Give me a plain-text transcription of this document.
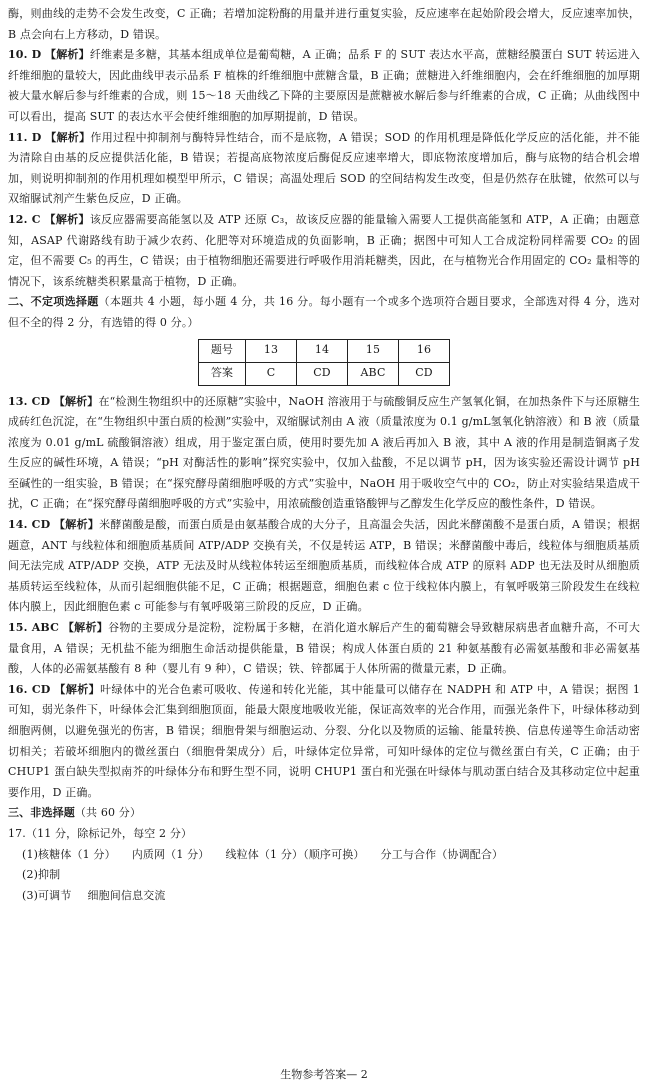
酶，则曲线的走势不会发生改变，C 正确；若增加淀粉酶的用量并进行重复实验，反应速率在起始阶段会增大，反应速率加快，B 点会向右上方移动，D 错误。

10. D 【解析】纤维素是多糖，其基本组成单位是葡萄糖，A 正确；品系 F 的 SUT 表达水平高，蔗糖经膜蛋白 SUT 转运进入纤维细胞的量较大，因此曲线甲表示品系 F 植株的纤维细胞中蔗糖含量，B 正确；蔗糖进入纤维细胞内，会在纤维细胞的加厚期被大量水解后参与纤维素的合成，则 15～18 天曲线乙下降的主要原因是蔗糖被水解后参与纤维素的合成，C 正确；从曲线图中可以看出，提高 SUT 的表达水平会使纤维细胞的加厚期提前，D 错误。

11. D 【解析】作用过程中抑制剂与酶特异性结合，而不是底物，A 错误；SOD 的作用机理是降低化学反应的活化能，并不能为清除自由基的反应提供活化能，B 错误；若提高底物浓度后酶促反应速率增大，即底物浓度增加后，酶与底物的结合机会增加，则说明抑制剂的作用机理如模型甲所示，C 错误；高温处理后 SOD 的空间结构发生改变，但是仍然存在肽键，依然可以与双缩脲试剂产生紫色反应，D 正确。

12. C 【解析】该反应器需要高能氢以及 ATP 还原 C₃，故该反应器的能量输入需要人工提供高能氢和 ATP，A 正确；由题意知，ASAP 代谢路线有助于减少农药、化肥等对环境造成的负面影响，B 正确；据图中可知人工合成淀粉同样需要 CO₂ 的固定，但不需要 C₅ 的再生，C 错误；由于植物细胞还需要进行呼吸作用消耗糖类，因此，在与植物光合作用固定的 CO₂ 量相等的情况下，该系统糖类积累量高于植物，D 正确。

二、不定项选择题（本题共 4 小题，每小题 4 分，共 16 分。每小题有一个或多个选项符合题目要求，全部选对得 4 分，选对但不全的得 2 分，有选错的得 0 分。）

题号	13	14	15	16
答案	C	CD	ABC	CD

13. CD 【解析】在“检测生物组织中的还原糖”实验中，NaOH 溶液用于与硫酸铜反应生产氢氧化铜，在加热条件下与还原糖生成砖红色沉淀，在“生物组织中蛋白质的检测”实验中，双缩脲试剂由 A 液（质量浓度为 0.1 g/mL氢氧化钠溶液）和 B 液（质量浓度为 0.01 g/mL 硫酸铜溶液）组成，用于鉴定蛋白质，使用时要先加 A 液后再加入 B 液，其中 A 液的作用是制造铜离子发生反应的碱性环境，A 错误；“pH 对酶活性的影响”探究实验中，仅加入盐酸，不足以调节 pH，因为该实验还需设计调节 pH 至碱性的一组实验，B 错误；在“探究酵母菌细胞呼吸的方式”实验中，NaOH 用于吸收空气中的 CO₂，防止对实验结果造成干扰，C 正确；在“探究酵母菌细胞呼吸的方式”实验中，用浓硫酸创造重铬酸钾与乙醇发生化学反应的酸性条件，D 错误。

14. CD 【解析】米酵菌酸是酸，而蛋白质是由氨基酸合成的大分子，且高温会失活，因此米酵菌酸不是蛋白质，A 错误；根据题意，ANT 与线粒体和细胞质基质间 ATP/ADP 交换有关，不仅是转运 ATP，B 错误；米酵菌酸中毒后，线粒体与细胞质基质间无法完成 ATP/ADP 交换，ATP 无法及时从线粒体转运至细胞质基质，而线粒体合成 ATP 的原料 ADP 也无法及时从细胞质基质转运至线粒体，从而引起细胞供能不足，C 正确；根据题意，细胞色素 c 位于线粒体内膜上，有氧呼吸第三阶段发生在线粒体内膜上，因此细胞色素 c 可能参与有氧呼吸第三阶段的反应，D 正确。

15. ABC 【解析】谷物的主要成分是淀粉，淀粉属于多糖，在消化道水解后产生的葡萄糖会导致糖尿病患者血糖升高，不可大量食用，A 错误；无机盐不能为细胞生命活动提供能量，B 错误；构成人体蛋白质的 21 种氨基酸有必需氨基酸和非必需氨基酸，人体的必需氨基酸有 8 种（婴儿有 9 种），C 错误；铁、锌都属于人体所需的微量元素，D 正确。

16. CD 【解析】叶绿体中的光合色素可吸收、传递和转化光能，其中能量可以储存在 NADPH 和 ATP 中，A 错误；据图 1 可知，弱光条件下，叶绿体会汇集到细胞顶面，能最大限度地吸收光能，保证高效率的光合作用，而强光条件下，叶绿体移动到细胞两侧，以避免强光的伤害，B 错误；细胞骨架与细胞运动、分裂、分化以及物质的运输、能量转换、信息传递等生命活动密切相关；若破坏细胞内的微丝蛋白（细胞骨架成分）后，叶绿体定位异常，可知叶绿体的定位与微丝蛋白有关，C 正确；由于 CHUP1 蛋白缺失型拟南芥的叶绿体分布和野生型不同，说明 CHUP1 蛋白和光强在叶绿体与肌动蛋白结合及其移动定位中起重要作用，D 正确。

三、非选择题（共 60 分）

17.（11 分，除标记外，每空 2 分）
(1)核糖体（1 分） 内质网（1 分） 线粒体（1 分）（顺序可换） 分工与合作（协调配合）
(2)抑制
(3)可调节 细胞间信息交流
生物参考答案— 2
